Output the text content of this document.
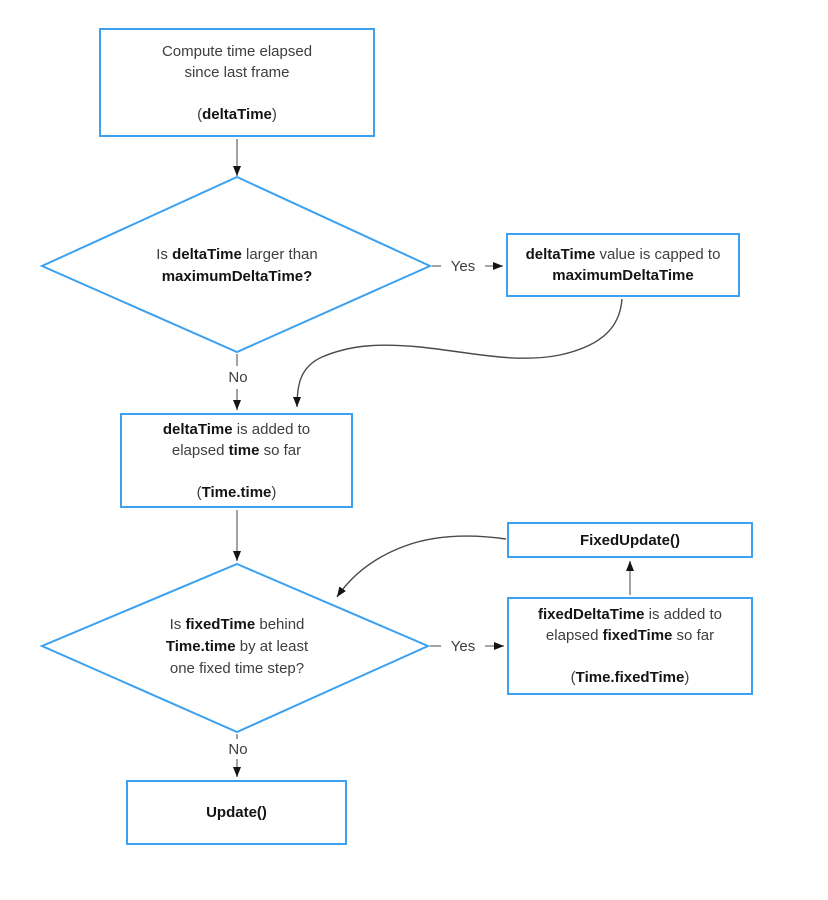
Compute time elapsed
since last frame

(deltaTime)
deltaTime value is capped to
maximumDeltaTime
deltaTime is added to
elapsed time so far

(Time.time)
FixedUpdate()
fixedDeltaTime is added to
elapsed fixedTime so far

(Time.fixedTime)
Update()
Is deltaTime larger than
maximumDeltaTime?
Is fixedTime behind
Time.time by at least
one fixed time step?
Yes
No
Yes
No
